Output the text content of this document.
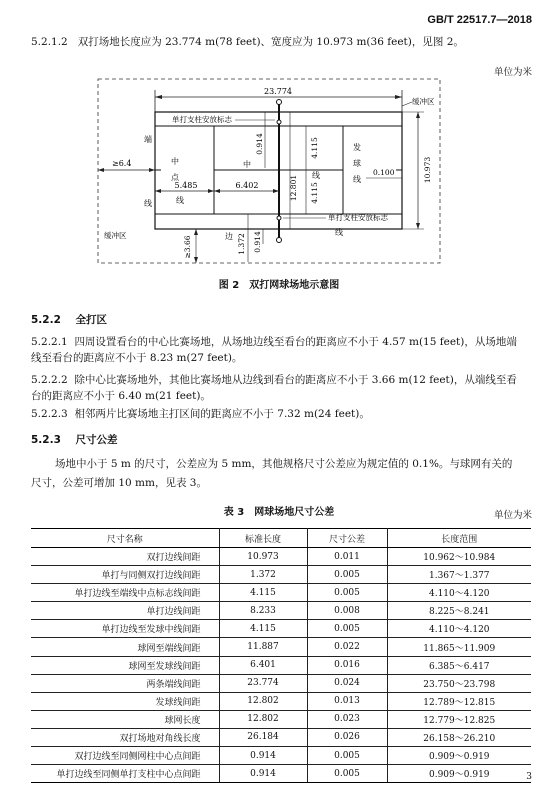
GB/T 22517.7—2018
5.2.1.2 双打场地长度应为 23.774 m(78 feet)、宽度应为 10.973 m(36 feet)，见图 2。
单位为米
23.774
单打支柱安放标志
单打支柱安放标志
缓冲区
缓冲区
端
线
中
点
线
发
球
线
中
线
边	线
≥6.4
5.485	6.402
0.914	4.115
4.115
12.801
0.100	10.973
≥3.66	1.372 0.914
图 2　双打网球场地示意图
5.2.2 全打区
5.2.2.1 四周设置看台的中心比赛场地，从场地边线至看台的距离应不小于 4.57 m(15 feet)，从场地端
线至看台的距离应不小于 8.23 m(27 feet)。
5.2.2.2 除中心比赛场地外，其他比赛场地从边线到看台的距离应不小于 3.66 m(12 feet)，从端线至看
台的距离应不小于 6.40 m(21 feet)。
5.2.2.3 相邻两片比赛场地主打区间的距离应不小于 7.32 m(24 feet)。
5.2.3 尺寸公差
场地中小于 5 m 的尺寸，公差应为 5 mm，其他规格尺寸公差应为规定值的 0.1%。与球网有关的
尺寸，公差可增加 10 mm，见表 3。
表 3　网球场地尺寸公差	单位为米
尺寸名称	标准长度	尺寸公差	长度范围
双打边线间距	10.973	0.011	10.962～10.984
单打与同侧双打边线间距	1.372	0.005	1.367～1.377
单打边线至端线中点标志线间距	4.115	0.005	4.110～4.120
单打边线间距	8.233	0.008	8.225～8.241
单打边线至发球中线间距	4.115	0.005	4.110～4.120
球网至端线间距	11.887	0.022	11.865～11.909
球网至发球线间距	6.401	0.016	6.385～6.417
两条端线间距	23.774	0.024	23.750～23.798
发球线间距	12.802	0.013	12.789～12.815
球网长度	12.802	0.023	12.779～12.825
双打场地对角线长度	26.184	0.026	26.158～26.210
双打边线至同侧网柱中心点间距	0.914	0.005	0.909～0.919
单打边线至同侧单打支柱中心点间距	0.914	0.005	0.909～0.919	3
